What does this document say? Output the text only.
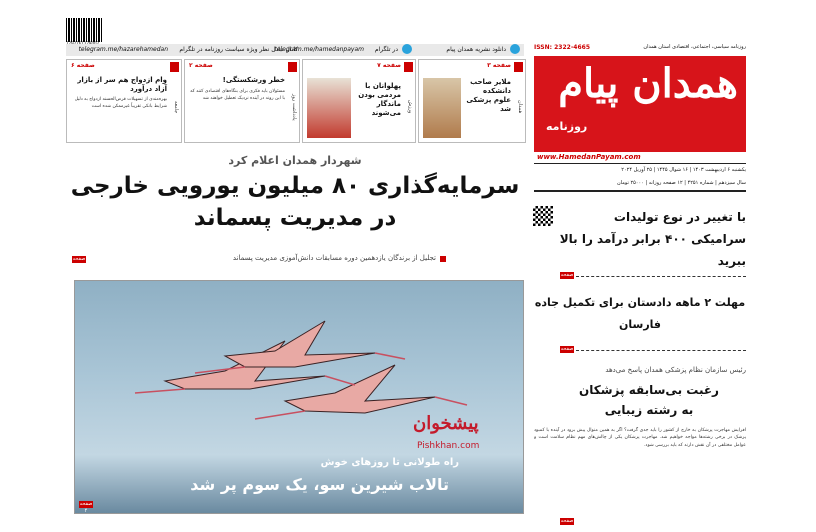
دانلود نشریه همدان پیام
در تلگرام
telegram.me/hamedanpayam
کانال تبادل نظر ویژه سیاست روزنامه در تلگرام
telegram.me/hazarehamedan	ISSN: 2322-4665	روزنامه سیاسی، اجتماعی، اقتصادی استان همدان
همدان پیام
روزنامه
www.HamedanPayam.com
یکشنبه ۶ اردیبهشت ۱۴۰۳ | ۱۶ شوال ۱۴۴۵ | ۲۵ آوریل ۲۰۲۴
سال سیزدهم | شماره ۴۲۵۱ | ۱۲ صفحه روزانه | ۲۵۰۰۰ تومان
صفحه ۳
همدان
ملایر صاحب دانشکده علوم پزشکی شد
صفحه ۷
ورزش
پهلوانان با مردمی بودن ماندگار می‌شوند
صفحه ۲
یادداشت روز
خطر ورشکستگی!
مسئولان باید فکری برای بنگاه‌های اقتصادی کنند که با این روند در آینده نزدیک تعطیل خواهند شد
صفحه ۶
جامعه
وام ازدواج هم سر از بازار آزاد درآورد
بهره‌مندی از تسهیلات قرض‌الحسنه ازدواج به دلیل شرایط بانکی تقریباً غیرممکن شده است
شهردار همدان اعلام کرد
سرمایه‌گذاری ۸۰ میلیون یورویی خارجی
در مدیریت پسماند
صفحه ۲
تجلیل از برندگان یازدهمین دوره مسابقات دانش‌آموزی مدیریت پسماند
پیشخوان
Pishkhan.com
راه طولانی تا روزهای خوش
تالاب شیرین سو، یک سوم پر شد
صفحه ۴
با تغییر در نوع تولیدات سرامیکی ۴۰۰ برابر درآمد را بالا ببرید
صفحه ۴
مهلت ۲ ماهه دادستان برای تکمیل جاده فارسان
صفحه ۴
رئیس سازمان نظام پزشکی همدان پاسخ می‌دهد
رغبت بی‌سابقه پزشکان به رشته زیبایی
افزایش مهاجرت پزشکان به خارج از کشور را باید جدی گرفت؟ اگر به همین منوال پیش برود در آینده با کمبود پزشک در برخی رشته‌ها مواجه خواهیم شد. مهاجرت پزشکان یکی از چالش‌های مهم نظام سلامت است و عوامل مختلفی در آن نقش دارند که باید بررسی شود.
صفحه ۵
